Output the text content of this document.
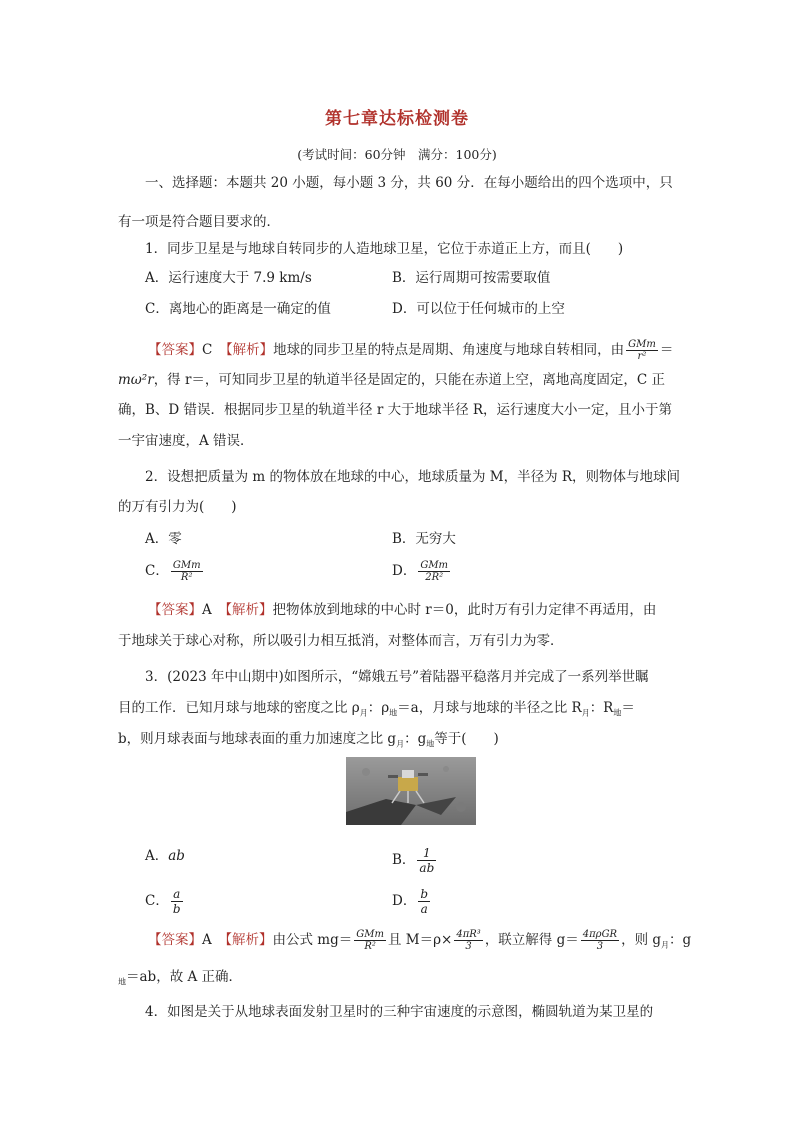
第七章达标检测卷
(考试时间：60分钟　满分：100分)
一、选择题：本题共 20 小题，每小题 3 分，共 60 分．在每小题给出的四个选项中，只
有一项是符合题目要求的．
1．同步卫星是与地球自转同步的人造地球卫星，它位于赤道正上方，而且(　　)
A．运行速度大于 7.9 km/s	B．运行周期可按需要取值
C．离地心的距离是一确定的值	D．可以位于任何城市的上空
【答案】C　 【解析】地球的同步卫星的特点是周期、角速度与地球自转相同，由 $\frac{\text{GMm}}{\text{r²}}$ ＝
mω²r，得 r＝，可知同步卫星的轨道半径是固定的，只能在赤道上空，离地高度固定，C 正
确，B、D 错误．根据同步卫星的轨道半径 r 大于地球半径 R，运行速度大小一定，且小于第
一宇宙速度，A 错误．
2．设想把质量为 m 的物体放在地球的中心，地球质量为 M，半径为 R，则物体与地球间
的万有引力为(　　)
A．零	B．无穷大
C． $\frac{\text{GMm}}{\text{R²}}$	D． $\frac{\text{GMm}}{\text{2R²}}$
【答案】A　 【解析】把物体放到地球的中心时 r＝0，此时万有引力定律不再适用，由
于地球关于球心对称，所以吸引力相互抵消，对整体而言，万有引力为零．
3．(2023 年中山期中)如图所示，“嫦娥五号”着陆器平稳落月并完成了一系列举世瞩
目的工作．已知月球与地球的密度之比 $\rho_月$：$\rho_地=a$，月球与地球的半径之比 $R_月$：$R_地=$
b，则月球表面与地球表面的重力加速度之比 $g_月$：$g_地$等于(　　)
A．ab	B． $\frac{1}{ab}$
C． $\frac{a}{b}$	D． $\frac{b}{a}$
【答案】A　 【解析】由公式 $mg= \frac{\text{GMm}}{\text{R²}}$ 且 $M=\rho\times \frac{\text{4πR³}}{3}$ ，联立解得 $g= \frac{\text{4πρGR}}{3}$ ，则 $g_月$：g
$_地$＝ab，故 A 正确．
4．如图是关于从地球表面发射卫星时的三种宇宙速度的示意图，椭圆轨道为某卫星的
